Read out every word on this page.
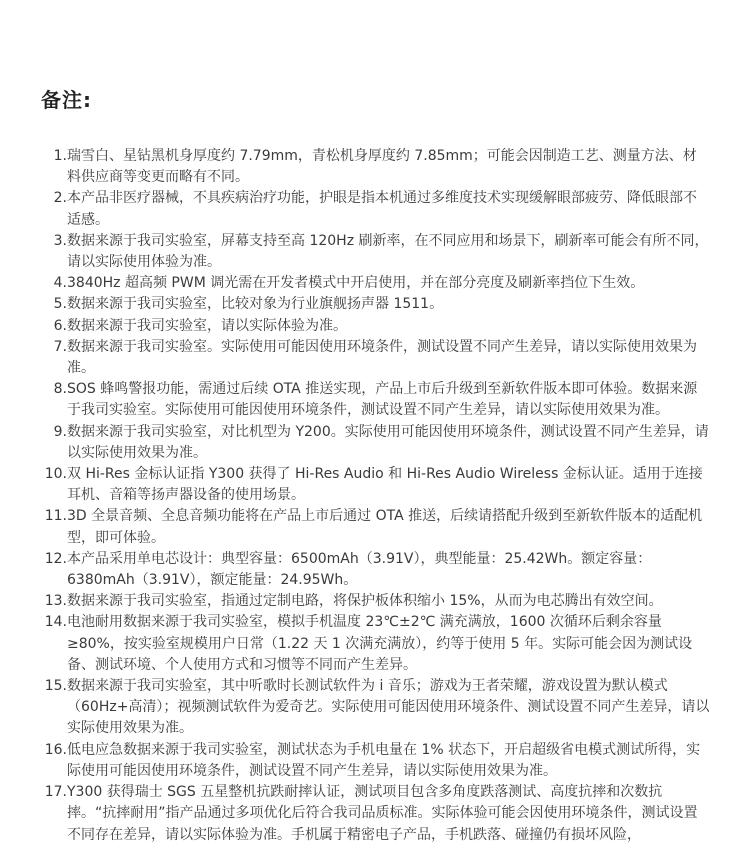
备注:
1. 瑞雪白、星钻黑机身厚度约 7.79mm，青松机身厚度约 7.85mm；可能会因制造工艺、测量方法、材料供应商等变更而略有不同。
2. 本产品非医疗器械，不具疾病治疗功能，护眼是指本机通过多维度技术实现缓解眼部疲劳、降低眼部不适感。
3. 数据来源于我司实验室，屏幕支持至高 120Hz 刷新率，在不同应用和场景下，刷新率可能会有所不同，请以实际使用体验为准。
4. 3840Hz 超高频 PWM 调光需在开发者模式中开启使用，并在部分亮度及刷新率挡位下生效。
5. 数据来源于我司实验室，比较对象为行业旗舰扬声器 1511。
6. 数据来源于我司实验室，请以实际体验为准。
7. 数据来源于我司实验室。实际使用可能因使用环境条件，测试设置不同产生差异，请以实际使用效果为准。
8. SOS 蜂鸣警报功能，需通过后续 OTA 推送实现，产品上市后升级到至新软件版本即可体验。数据来源于我司实验室。实际使用可能因使用环境条件，测试设置不同产生差异，请以实际使用效果为准。
9. 数据来源于我司实验室，对比机型为 Y200。实际使用可能因使用环境条件，测试设置不同产生差异，请以实际使用效果为准。
10. 双 Hi-Res 金标认证指 Y300 获得了 Hi-Res Audio 和 Hi-Res Audio Wireless 金标认证。适用于连接耳机、音箱等扬声器设备的使用场景。
11. 3D 全景音频、全息音频功能将在产品上市后通过 OTA 推送，后续请搭配升级到至新软件版本的适配机型，即可体验。
12. 本产品采用单电芯设计：典型容量：6500mAh（3.91V），典型能量：25.42Wh。额定容量：6380mAh（3.91V），额定能量：24.95Wh。
13. 数据来源于我司实验室，指通过定制电路，将保护板体积缩小 15%，从而为电芯腾出有效空间。
14. 电池耐用数据来源于我司实验室，模拟手机温度 23℃±2℃ 满充满放，1600 次循环后剩余容量 ≥80%，按实验室规模用户日常（1.22 天 1 次满充满放），约等于使用 5 年。实际可能会因为测试设备、测试环境、个人使用方式和习惯等不同而产生差异。
15. 数据来源于我司实验室，其中听歌时长测试软件为 i 音乐；游戏为王者荣耀，游戏设置为默认模式（60Hz+高清）；视频测试软件为爱奇艺。实际使用可能因使用环境条件、测试设置不同产生差异，请以实际使用效果为准。
16. 低电应急数据来源于我司实验室，测试状态为手机电量在 1% 状态下，开启超级省电模式测试所得，实际使用可能因使用环境条件，测试设置不同产生差异，请以实际使用效果为准。
17. Y300 获得瑞士 SGS 五星整机抗跌耐摔认证，测试项目包含多角度跌落测试、高度抗摔和次数抗摔。“抗摔耐用”指产品通过多项优化后符合我司品质标准。实际体验可能会因使用环境条件，测试设置不同存在差异，请以实际体验为准。手机属于精密电子产品，手机跌落、碰撞仍有损坏风险，
